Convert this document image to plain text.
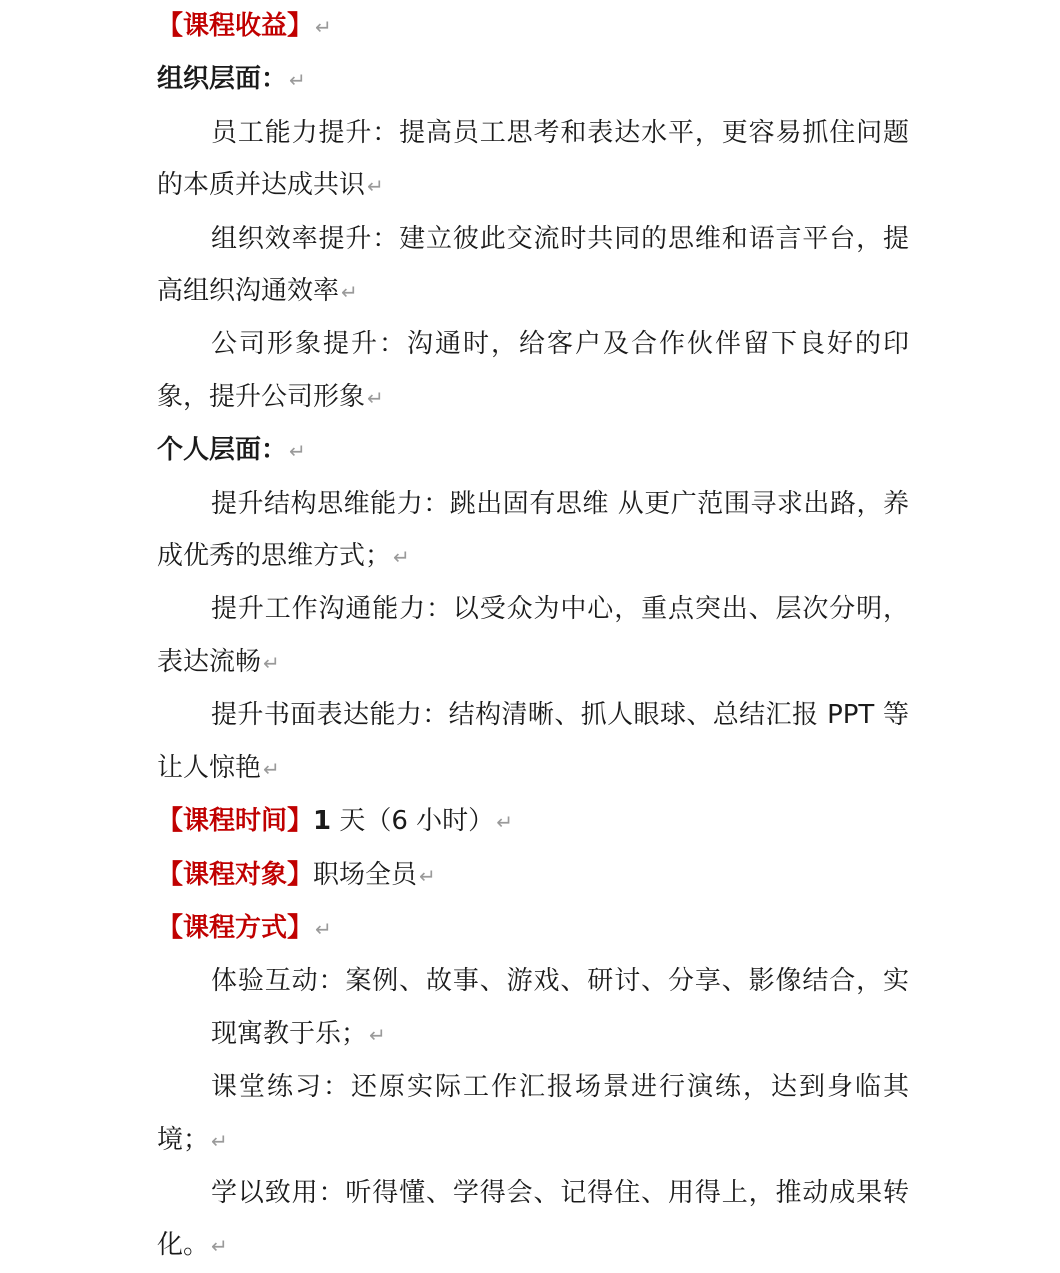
【课程收益】 ↵

组织层面： ↵

员工能力提升：提高员工思考和表达水平，更容易抓住问题的本质并达成共识 ↵

组织效率提升：建立彼此交流时共同的思维和语言平台，提高组织沟通效率 ↵

公司形象提升：沟通时，给客户及合作伙伴留下良好的印象，提升公司形象 ↵

个人层面： ↵

提升结构思维能力：跳出固有思维 从更广范围寻求出路，养成优秀的思维方式； ↵

提升工作沟通能力：以受众为中心，重点突出、层次分明，表达流畅 ↵

提升书面表达能力：结构清晰、抓人眼球、总结汇报 PPT 等让人惊艳 ↵

【课程时间】1 天（6 小时） ↵

【课程对象】职场全员 ↵

【课程方式】 ↵

体验互动：案例、故事、游戏、研讨、分享、影像结合，实现寓教于乐； ↵

课堂练习：还原实际工作汇报场景进行演练，达到身临其境； ↵

学以致用：听得懂、学得会、记得住、用得上，推动成果转化。 ↵
